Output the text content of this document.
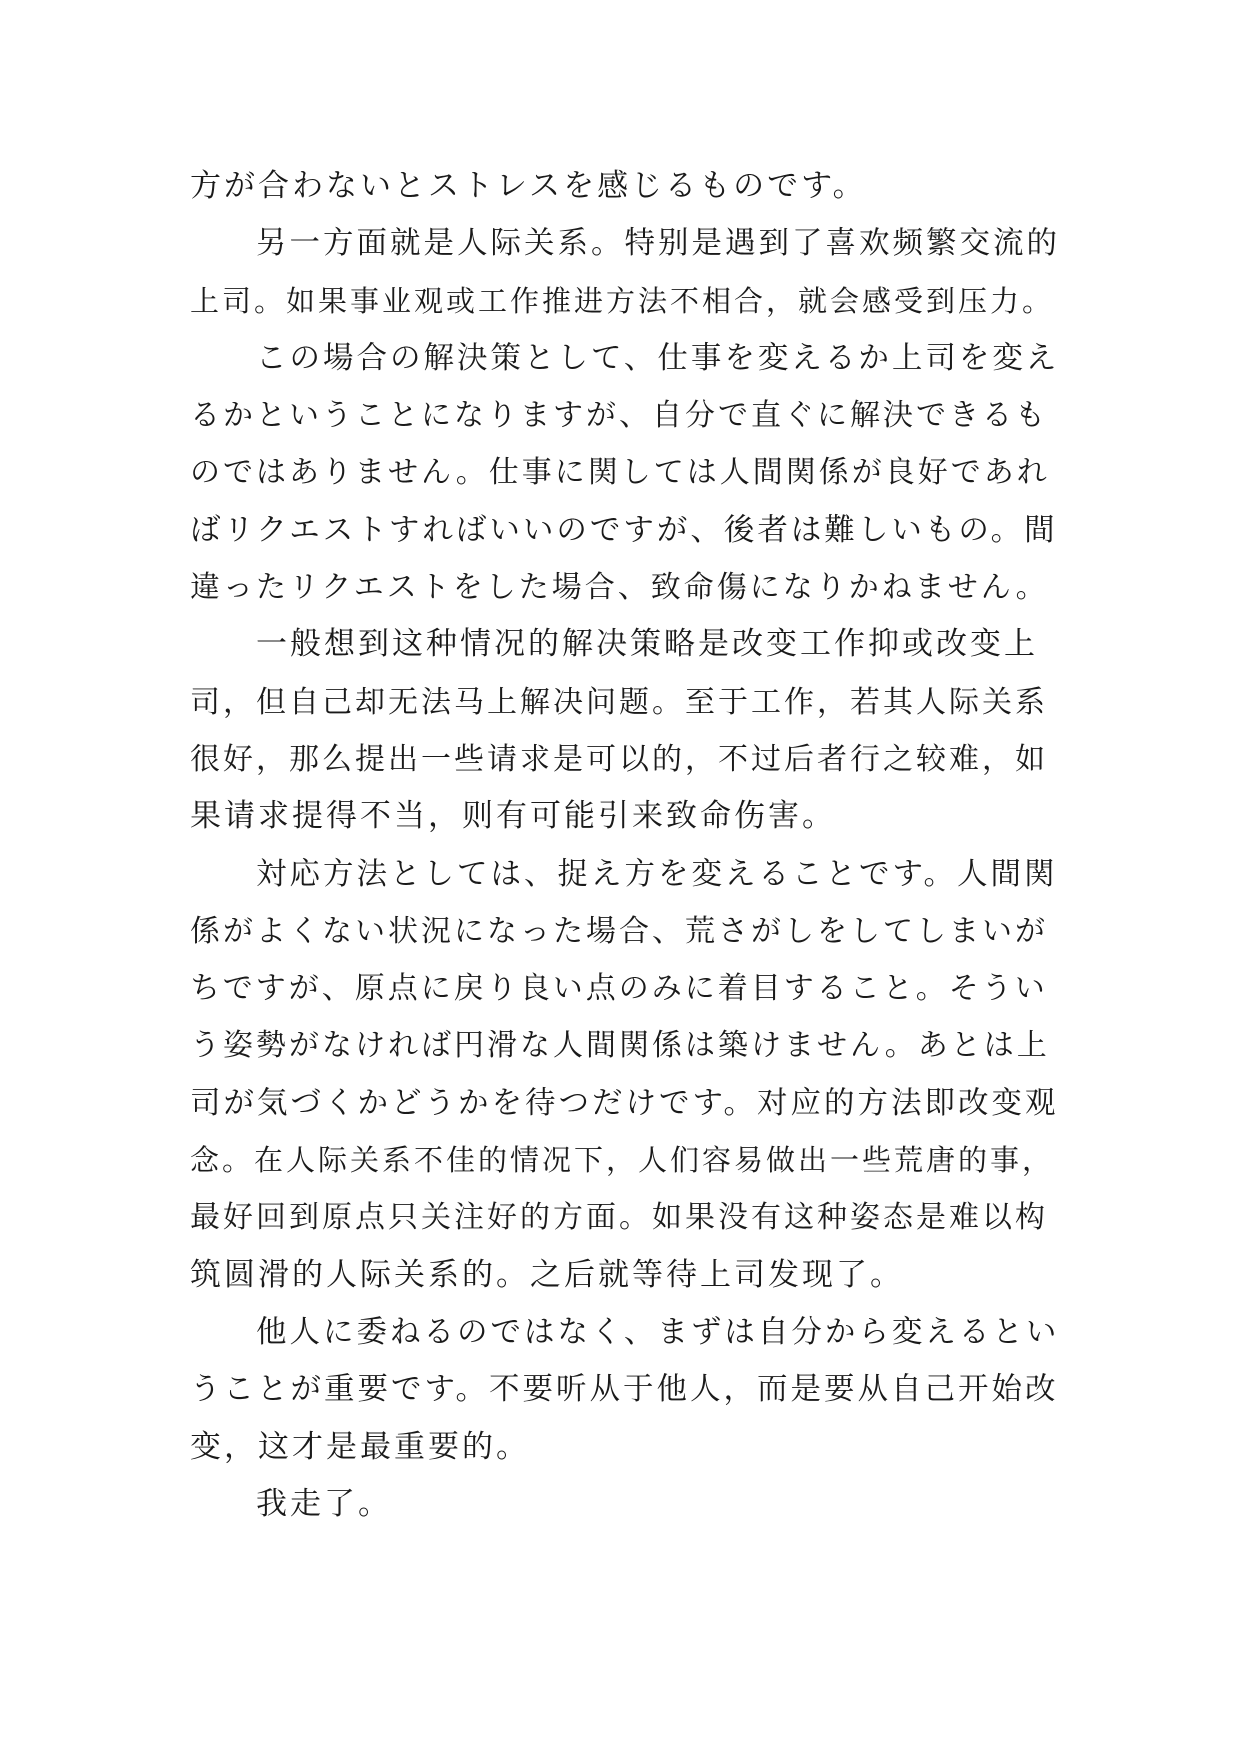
方が合わないとストレスを感じるものです。
另一方面就是人际关系。特别是遇到了喜欢频繁交流的
上司。如果事业观或工作推进方法不相合，就会感受到压力。
この場合の解決策として、仕事を変えるか上司を変え
るかということになりますが、自分で直ぐに解決できるも
のではありません。仕事に関しては人間関係が良好であれ
ばリクエストすればいいのですが、後者は難しいもの。間
違ったリクエストをした場合、致命傷になりかねません。
一般想到这种情况的解决策略是改变工作抑或改变上
司，但自己却无法马上解决问题。至于工作，若其人际关系
很好，那么提出一些请求是可以的，不过后者行之较难，如
果请求提得不当，则有可能引来致命伤害。
対応方法としては、捉え方を変えることです。人間関
係がよくない状況になった場合、荒さがしをしてしまいが
ちですが、原点に戻り良い点のみに着目すること。そうい
う姿勢がなければ円滑な人間関係は築けません。あとは上
司が気づくかどうかを待つだけです。对应的方法即改变观
念。在人际关系不佳的情况下，人们容易做出一些荒唐的事，
最好回到原点只关注好的方面。如果没有这种姿态是难以构
筑圆滑的人际关系的。之后就等待上司发现了。
他人に委ねるのではなく、まずは自分から変えるとい
うことが重要です。不要听从于他人，而是要从自己开始改
变，这才是最重要的。
我走了。
